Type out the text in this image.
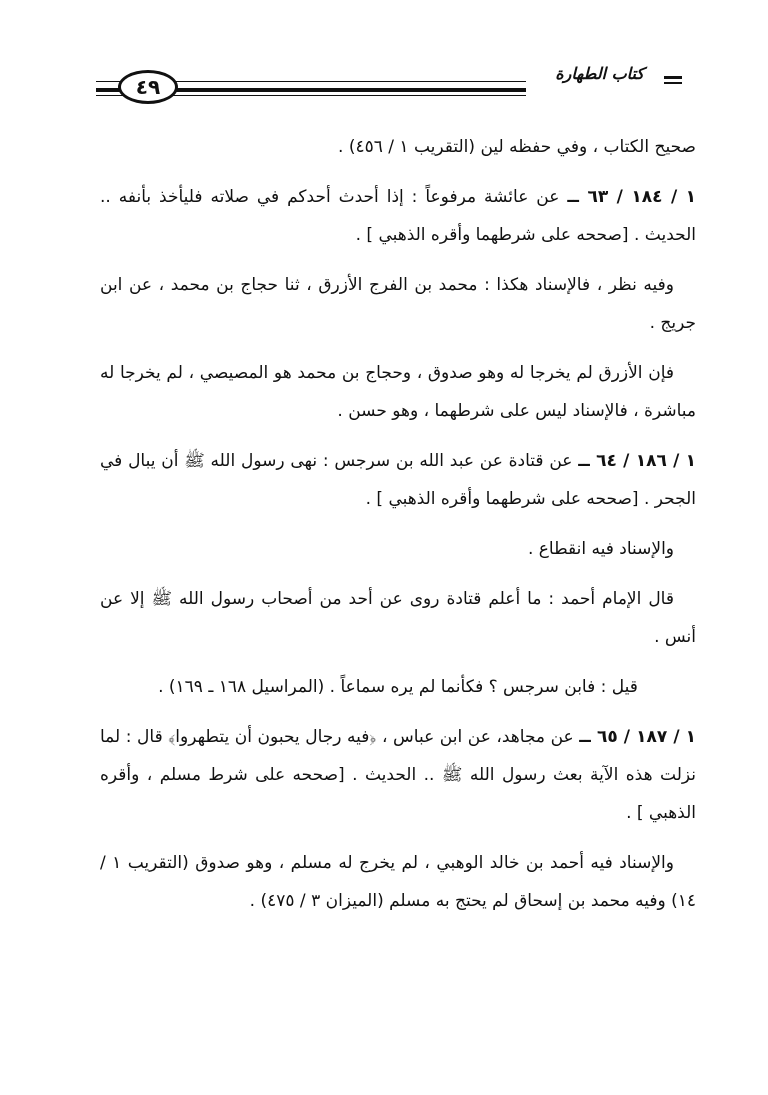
٤٩
كتاب الطهارة

صحيح الكتاب ، وفي حفظه لين (التقريب ١ / ٤٥٦) .

١ / ١٨٤ / ٦٣ ــ عن عائشة مرفوعاً : إذا أحدث أحدكم في صلاته فليأخذ بأنفه .. الحديث . [صححه على شرطهما وأقره الذهبي ] .

وفيه نظر ، فالإسناد هكذا : محمد بن الفرج الأزرق ، ثنا حجاج بن محمد ، عن ابن جريج .

فإن الأزرق لم يخرجا له وهو صدوق ، وحجاج بن محمد هو المصيصي ، لم يخرجا له مباشرة ، فالإسناد ليس على شرطهما ، وهو حسن .

١ / ١٨٦ / ٦٤ ــ عن قتادة عن عبد الله بن سرجس : نهى رسول الله ﷺ أن يبال في الجحر . [صححه على شرطهما وأقره الذهبي ] .

والإسناد فيه انقطاع .

قال الإمام أحمد : ما أعلم قتادة روى عن أحد من أصحاب رسول الله ﷺ إلا عن أنس .

قيل : فابن سرجس ؟ فكأنما لم يره سماعاً . (المراسيل ١٦٨ ـ ١٦٩) .

١ / ١٨٧ / ٦٥ ــ عن مجاهد، عن ابن عباس ، ﴿فيه رجال يحبون أن يتطهروا﴾ قال : لما نزلت هذه الآية بعث رسول الله ﷺ .. الحديث . [صححه على شرط مسلم ، وأقره الذهبي ] .

والإسناد فيه أحمد بن خالد الوهبي ، لم يخرج له مسلم ، وهو صدوق (التقريب ١ / ١٤) وفيه محمد بن إسحاق لم يحتج به مسلم (الميزان ٣ / ٤٧٥) .
